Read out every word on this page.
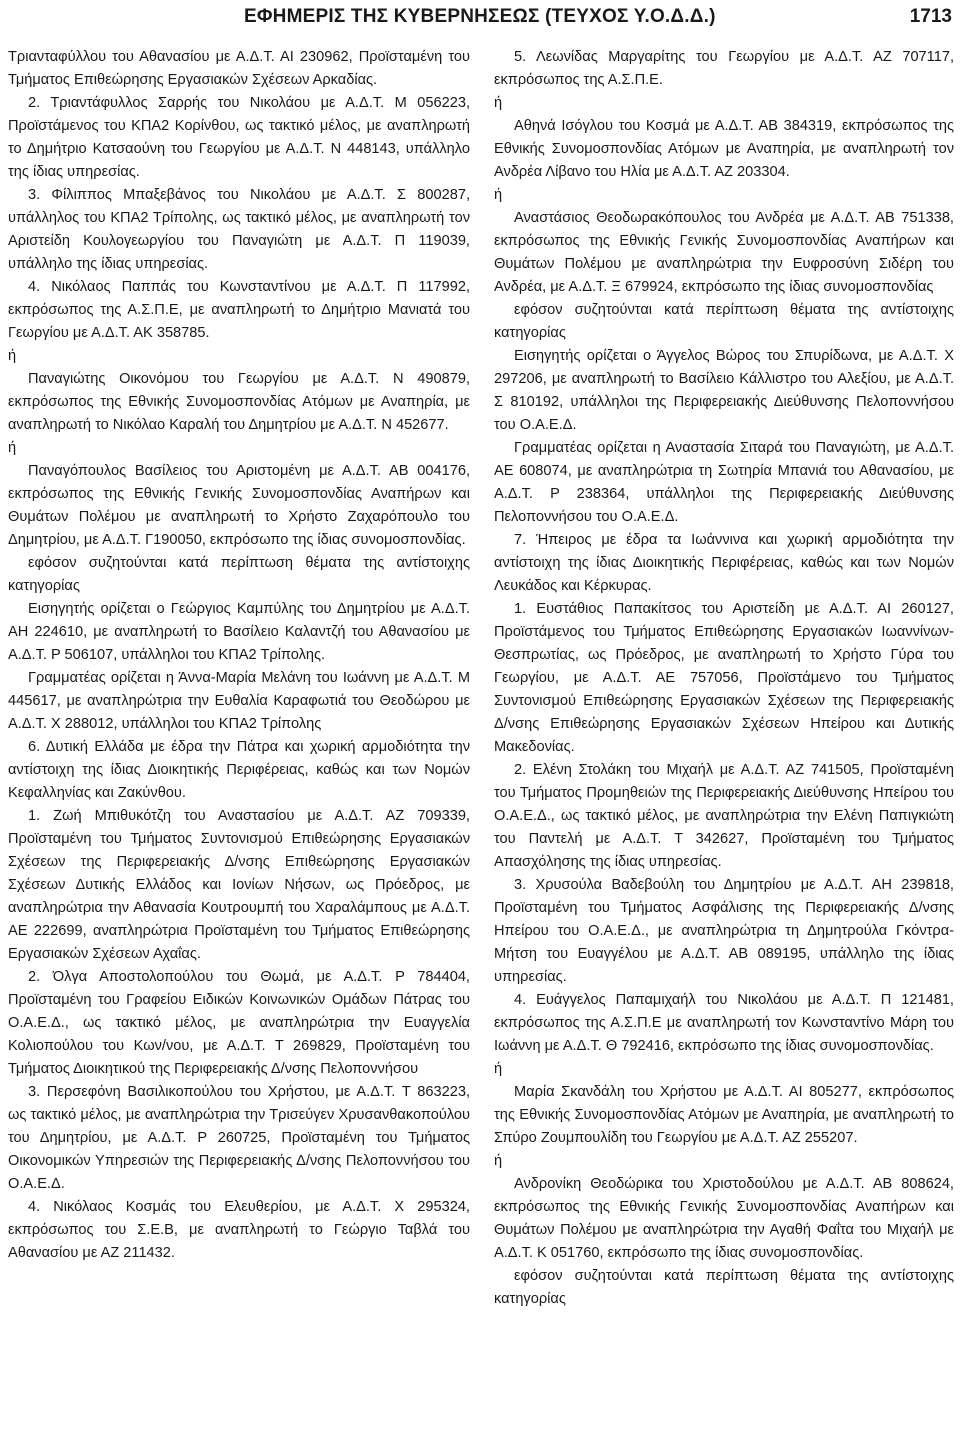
ΕΦΗΜΕΡΙΣ ΤΗΣ ΚΥΒΕΡΝΗΣΕΩΣ (ΤΕΥΧΟΣ Υ.Ο.Δ.Δ.)	1713

Τριανταφύλλου του Αθανασίου με Α.Δ.Τ. ΑΙ 230962, Προϊσταμένη του Τμήματος Επιθεώρησης Εργασιακών Σχέσεων Αρκαδίας.

2. Τριαντάφυλλος Σαρρής του Νικολάου με Α.Δ.Τ. Μ 056223, Προϊστάμενος του ΚΠΑ2 Κορίνθου, ως τακτικό μέλος, με αναπληρωτή το Δημήτριο Κατσαούνη του Γεωργίου με Α.Δ.Τ. Ν 448143, υπάλληλο της ίδιας υπηρεσίας.

3. Φίλιππος Μπαξεβάνος του Νικολάου με Α.Δ.Τ. Σ 800287, υπάλληλος του ΚΠΑ2 Τρίπολης, ως τακτικό μέλος, με αναπληρωτή τον Αριστείδη Κουλογεωργίου του Παναγιώτη με Α.Δ.Τ. Π 119039, υπάλληλο της ίδιας υπηρεσίας.

4. Νικόλαος Παππάς του Κωνσταντίνου με Α.Δ.Τ. Π 117992, εκπρόσωπος της Α.Σ.Π.Ε, με αναπληρωτή το Δημήτριο Μανιατά του Γεωργίου με Α.Δ.Τ. ΑΚ 358785.

ή

Παναγιώτης Οικονόμου του Γεωργίου με Α.Δ.Τ. Ν 490879, εκπρόσωπος της Εθνικής Συνομοσπονδίας Ατόμων με Αναπηρία, με αναπληρωτή το Νικόλαο Καραλή του Δημητρίου με Α.Δ.Τ. Ν 452677.

ή

Παναγόπουλος Βασίλειος του Αριστομένη με Α.Δ.Τ. ΑΒ 004176, εκπρόσωπος της Εθνικής Γενικής Συνομοσπονδίας Αναπήρων και Θυμάτων Πολέμου με αναπληρωτή το Χρήστο Ζαχαρόπουλο του Δημητρίου, με Α.Δ.Τ. Γ190050, εκπρόσωπο της ίδιας συνομοσπονδίας.

εφόσον συζητούνται κατά περίπτωση θέματα της αντίστοιχης κατηγορίας

Εισηγητής ορίζεται ο Γεώργιος Καμπύλης του Δημητρίου με Α.Δ.Τ. ΑΗ 224610, με αναπληρωτή το Βασίλειο Καλαντζή του Αθανασίου με Α.Δ.Τ. Ρ 506107, υπάλληλοι του ΚΠΑ2 Τρίπολης.

Γραμματέας ορίζεται η Άννα-Μαρία Μελάνη του Ιωάννη με Α.Δ.Τ. Μ 445617, με αναπληρώτρια την Ευθαλία Καραφωτιά του Θεοδώρου με Α.Δ.Τ. Χ 288012, υπάλληλοι του ΚΠΑ2 Τρίπολης

6. Δυτική Ελλάδα με έδρα την Πάτρα και χωρική αρμοδιότητα την αντίστοιχη της ίδιας Διοικητικής Περιφέρειας, καθώς και των Νομών Κεφαλληνίας και Ζακύνθου.

1. Ζωή Μπιθυκότζη του Αναστασίου με Α.Δ.Τ. ΑΖ 709339, Προϊσταμένη του Τμήματος Συντονισμού Επιθεώρησης Εργασιακών Σχέσεων της Περιφερειακής Δ/νσης Επιθεώρησης Εργασιακών Σχέσεων Δυτικής Ελλάδος και Ιονίων Νήσων, ως Πρόεδρος, με αναπληρώτρια την Αθανασία Κουτρουμπή του Χαραλάμπους με Α.Δ.Τ. ΑΕ 222699, αναπληρώτρια Προϊσταμένη του Τμήματος Επιθεώρησης Εργασιακών Σχέσεων Αχαΐας.

2. Όλγα Αποστολοπούλου του Θωμά, με Α.Δ.Τ. Ρ 784404, Προϊσταμένη του Γραφείου Ειδικών Κοινωνικών Ομάδων Πάτρας του Ο.Α.Ε.Δ., ως τακτικό μέλος, με αναπληρώτρια την Ευαγγελία Κολιοπούλου του Κων/νου, με Α.Δ.Τ. Τ 269829, Προϊσταμένη του Τμήματος Διοικητικού της Περιφερειακής Δ/νσης Πελοποννήσου

3. Περσεφόνη Βασιλικοπούλου του Χρήστου, με Α.Δ.Τ. Τ 863223, ως τακτικό μέλος, με αναπληρώτρια την Τρισεύγεν Χρυσανθακοπούλου του Δημητρίου, με Α.Δ.Τ. Ρ 260725, Προϊσταμένη του Τμήματος Οικονομικών Υπηρεσιών της Περιφερειακής Δ/νσης Πελοποννήσου του Ο.Α.Ε.Δ.

4. Νικόλαος Κοσμάς του Ελευθερίου, με Α.Δ.Τ. Χ 295324, εκπρόσωπος του Σ.Ε.Β, με αναπληρωτή το Γεώργιο Ταβλά του Αθανασίου με ΑΖ 211432.

5. Λεωνίδας Μαργαρίτης του Γεωργίου με Α.Δ.Τ. ΑΖ 707117, εκπρόσωπος της Α.Σ.Π.Ε.

ή

Αθηνά Ισόγλου του Κοσμά με Α.Δ.Τ. ΑΒ 384319, εκπρόσωπος της Εθνικής Συνομοσπονδίας Ατόμων με Αναπηρία, με αναπληρωτή τον Ανδρέα Λίβανο του Ηλία με Α.Δ.Τ. ΑΖ 203304.

ή

Αναστάσιος Θεοδωρακόπουλος του Ανδρέα με Α.Δ.Τ. ΑΒ 751338, εκπρόσωπος της Εθνικής Γενικής Συνομοσπονδίας Αναπήρων και Θυμάτων Πολέμου με αναπληρώτρια την Ευφροσύνη Σιδέρη του Ανδρέα, με Α.Δ.Τ. Ξ 679924, εκπρόσωπο της ίδιας συνομοσπονδίας

εφόσον συζητούνται κατά περίπτωση θέματα της αντίστοιχης κατηγορίας

Εισηγητής ορίζεται ο Άγγελος Βώρος του Σπυρίδωνα, με Α.Δ.Τ. Χ 297206, με αναπληρωτή το Βασίλειο Κάλλιστρο του Αλεξίου, με Α.Δ.Τ. Σ 810192, υπάλληλοι της Περιφερειακής Διεύθυνσης Πελοποννήσου του Ο.Α.Ε.Δ.

Γραμματέας ορίζεται η Αναστασία Σιταρά του Παναγιώτη, με Α.Δ.Τ. ΑΕ 608074, με αναπληρώτρια τη Σωτηρία Μπανιά του Αθανασίου, με Α.Δ.Τ. Ρ 238364, υπάλληλοι της Περιφερειακής Διεύθυνσης Πελοποννήσου του Ο.Α.Ε.Δ.

7. Ήπειρος με έδρα τα Ιωάννινα και χωρική αρμοδιότητα την αντίστοιχη της ίδιας Διοικητικής Περιφέρειας, καθώς και των Νομών Λευκάδος και Κέρκυρας.

1. Ευστάθιος Παπακίτσος του Αριστείδη με Α.Δ.Τ. ΑΙ 260127, Προϊστάμενος του Τμήματος Επιθεώρησης Εργασιακών Ιωαννίνων-Θεσπρωτίας, ως Πρόεδρος, με αναπληρωτή το Χρήστο Γύρα του Γεωργίου, με Α.Δ.Τ. ΑΕ 757056, Προϊστάμενο του Τμήματος Συντονισμού Επιθεώρησης Εργασιακών Σχέσεων της Περιφερειακής Δ/νσης Επιθεώρησης Εργασιακών Σχέσεων Ηπείρου και Δυτικής Μακεδονίας.

2. Ελένη Στολάκη του Μιχαήλ με Α.Δ.Τ. ΑΖ 741505, Προϊσταμένη του Τμήματος Προμηθειών της Περιφερειακής Διεύθυνσης Ηπείρου του Ο.Α.Ε.Δ., ως τακτικό μέλος, με αναπληρώτρια την Ελένη Παπιγκιώτη του Παντελή με Α.Δ.Τ. Τ 342627, Προϊσταμένη του Τμήματος Απασχόλησης της ίδιας υπηρεσίας.

3. Χρυσούλα Βαδεβούλη του Δημητρίου με Α.Δ.Τ. ΑΗ 239818, Προϊσταμένη του Τμήματος Ασφάλισης της Περιφερειακής Δ/νσης Ηπείρου του Ο.Α.Ε.Δ., με αναπληρώτρια τη Δημητρούλα Γκόντρα-Μήτση του Ευαγγέλου με Α.Δ.Τ. ΑΒ 089195, υπάλληλο της ίδιας υπηρεσίας.

4. Ευάγγελος Παπαμιχαήλ του Νικολάου με Α.Δ.Τ. Π 121481, εκπρόσωπος της Α.Σ.Π.Ε με αναπληρωτή τον Κωνσταντίνο Μάρη του Ιωάννη με Α.Δ.Τ. Θ 792416, εκπρόσωπο της ίδιας συνομοσπονδίας.

ή

Μαρία Σκανδάλη του Χρήστου με Α.Δ.Τ. ΑΙ 805277, εκπρόσωπος της Εθνικής Συνομοσπονδίας Ατόμων με Αναπηρία, με αναπληρωτή το Σπύρο Ζουμπουλίδη του Γεωργίου με Α.Δ.Τ. ΑΖ 255207.

ή

Ανδρονίκη Θεοδώρικα του Χριστοδούλου με Α.Δ.Τ. ΑΒ 808624, εκπρόσωπος της Εθνικής Γενικής Συνομοσπονδίας Αναπήρων και Θυμάτων Πολέμου με αναπληρώτρια την Αγαθή Φαΐτα του Μιχαήλ με Α.Δ.Τ. Κ 051760, εκπρόσωπο της ίδιας συνομοσπονδίας.

εφόσον συζητούνται κατά περίπτωση θέματα της αντίστοιχης κατηγορίας
